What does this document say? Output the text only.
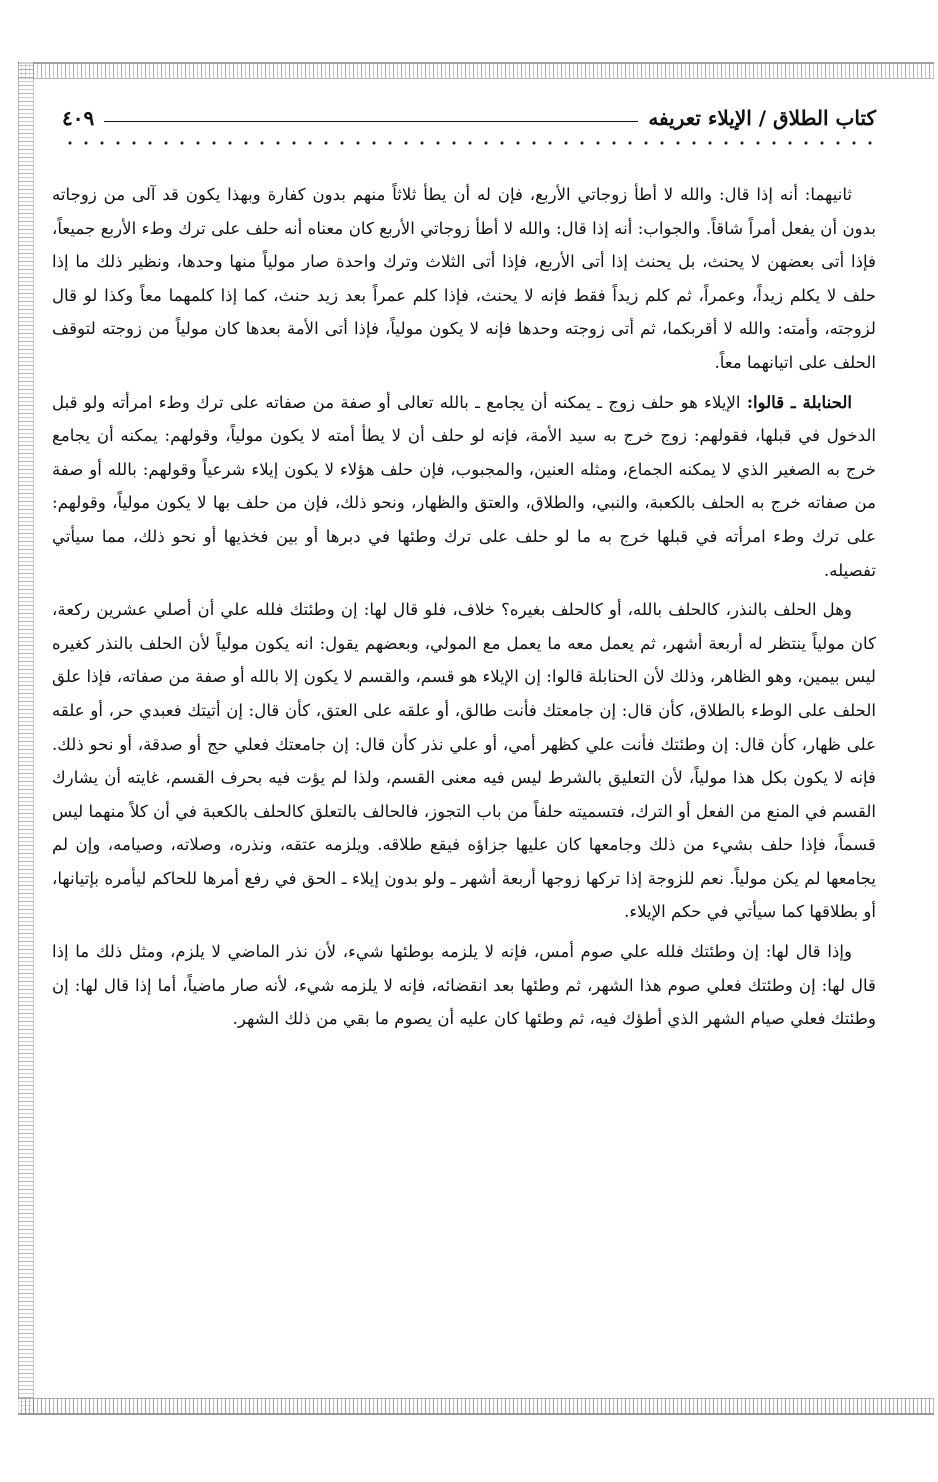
كتاب الطلاق / الإيلاء تعريفه
٤٠٩

ثانيهما: أنه إذا قال: والله لا أطأ زوجاتي الأربع، فإن له أن يطأ ثلاثاً منهم بدون كفارة وبهذا يكون قد آلى من زوجاته بدون أن يفعل أمراً شاقاً. والجواب: أنه إذا قال: والله لا أطأ زوجاتي الأربع كان معناه أنه حلف على ترك وطء الأربع جميعاً، فإذا أتى بعضهن لا يحنث، بل يحنث إذا أتى الأربع، فإذا أتى الثلاث وترك واحدة صار مولياً منها وحدها، ونظير ذلك ما إذا حلف لا يكلم زيداً، وعمراً، ثم كلم زيداً فقط فإنه لا يحنث، فإذا كلم عمراً بعد زيد حنث، كما إذا كلمهما معاً وكذا لو قال لزوجته، وأمته: والله لا أقربكما، ثم أتى زوجته وحدها فإنه لا يكون مولياً، فإذا أتى الأمة بعدها كان مولياً من زوجته لتوقف الحلف على اتيانهما معاً.

الحنابلة ـ قالوا: الإيلاء هو حلف زوج ـ يمكنه أن يجامع ـ بالله تعالى أو صفة من صفاته على ترك وطء امرأته ولو قبل الدخول في قبلها، فقولهم: زوج خرج به سيد الأمة، فإنه لو حلف أن لا يطأ أمته لا يكون مولياً، وقولهم: يمكنه أن يجامع خرج به الصغير الذي لا يمكنه الجماع، ومثله العنين، والمجبوب، فإن حلف هؤلاء لا يكون إيلاء شرعياً وقولهم: بالله أو صفة من صفاته خرج به الحلف بالكعبة، والنبي، والطلاق، والعتق والظهار، ونحو ذلك، فإن من حلف بها لا يكون مولياً، وقولهم: على ترك وطء امرأته في قبلها خرج به ما لو حلف على ترك وطئها في دبرها أو بين فخذيها أو نحو ذلك، مما سيأتي تفصيله.

وهل الحلف بالنذر، كالحلف بالله، أو كالحلف بغيره؟ خلاف، فلو قال لها: إن وطئتك فلله علي أن أصلي عشرين ركعة، كان مولياً ينتظر له أربعة أشهر، ثم يعمل معه ما يعمل مع المولي، وبعضهم يقول: انه يكون مولياً لأن الحلف بالنذر كغيره ليس بيمين، وهو الظاهر، وذلك لأن الحنابلة قالوا: إن الإيلاء هو قسم، والقسم لا يكون إلا بالله أو صفة من صفاته، فإذا علق الحلف على الوطء بالطلاق، كأن قال: إن جامعتك فأنت طالق، أو علقه على العتق، كأن قال: إن أتيتك فعبدي حر، أو علقه على ظهار، كأن قال: إن وطئتك فأنت علي كظهر أمي، أو علي نذر كأن قال: إن جامعتك فعلي حج أو صدقة، أو نحو ذلك. فإنه لا يكون بكل هذا مولياً، لأن التعليق بالشرط ليس فيه معنى القسم، ولذا لم يؤت فيه بحرف القسم، غايته أن يشارك القسم في المنع من الفعل أو الترك، فتسميته حلفاً من باب التجوز، فالحالف بالتعلق كالحلف بالكعبة في أن كلاً منهما ليس قسماً، فإذا حلف بشيء من ذلك وجامعها كان عليها جزاؤه فيقع طلاقه. ويلزمه عتقه، ونذره، وصلاته، وصيامه، وإن لم يجامعها لم يكن مولياً. نعم للزوجة إذا تركها زوجها أربعة أشهر ـ ولو بدون إيلاء ـ الحق في رفع أمرها للحاكم ليأمره بإتيانها، أو بطلاقها كما سيأتي في حكم الإيلاء.

وإذا قال لها: إن وطئتك فلله علي صوم أمس، فإنه لا يلزمه بوطئها شيء، لأن نذر الماضي لا يلزم، ومثل ذلك ما إذا قال لها: إن وطئتك فعلي صوم هذا الشهر، ثم وطئها بعد انقضائه، فإنه لا يلزمه شيء، لأنه صار ماضياً، أما إذا قال لها: إن وطئتك فعلي صيام الشهر الذي أطؤك فيه، ثم وطئها كان عليه أن يصوم ما بقي من ذلك الشهر.
